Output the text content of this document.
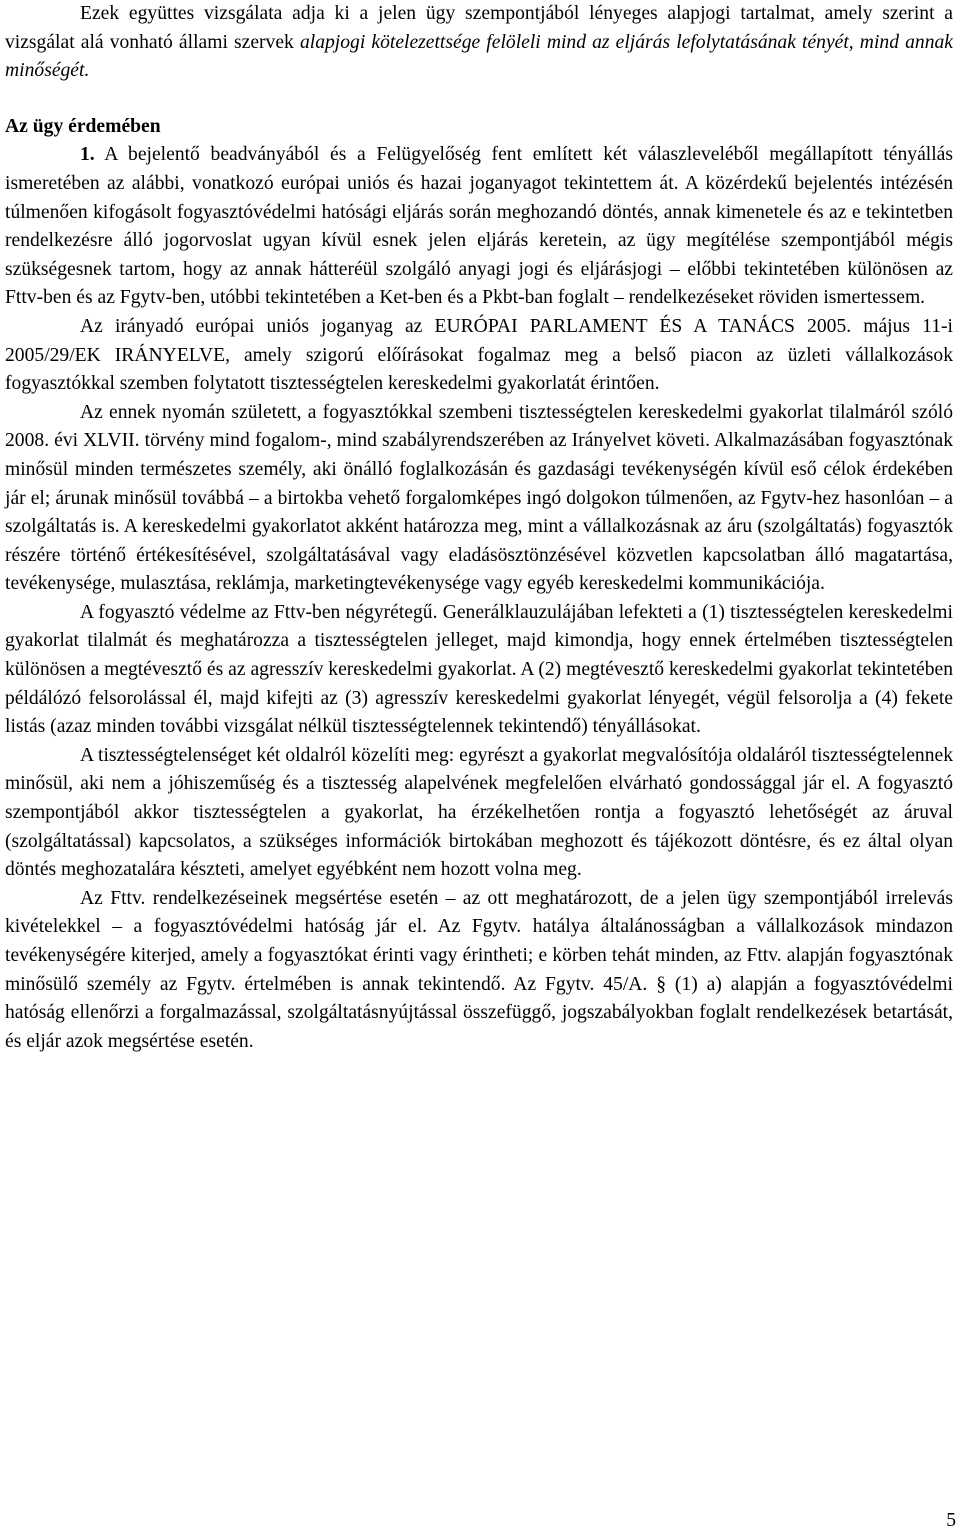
Ezek együttes vizsgálata adja ki a jelen ügy szempontjából lényeges alapjogi tartalmat, amely szerint a vizsgálat alá vonható állami szervek alapjogi kötelezettsége felöleli mind az eljárás lefolytatásának tényét, mind annak minőségét.

Az ügy érdemében

1. A bejelentő beadványából és a Felügyelőség fent említett két válaszleveléből megállapított tényállás ismeretében az alábbi, vonatkozó európai uniós és hazai joganyagot tekintettem át. A közérdekű bejelentés intézésén túlmenően kifogásolt fogyasztóvédelmi hatósági eljárás során meghozandó döntés, annak kimenetele és az e tekintetben rendelkezésre álló jogorvoslat ugyan kívül esnek jelen eljárás keretein, az ügy megítélése szempontjából mégis szükségesnek tartom, hogy az annak hátteréül szolgáló anyagi jogi és eljárásjogi – előbbi tekintetében különösen az Fttv-ben és az Fgytv-ben, utóbbi tekintetében a Ket-ben és a Pkbt-ban foglalt – rendelkezéseket röviden ismertessem.

Az irányadó európai uniós joganyag az EURÓPAI PARLAMENT ÉS A TANÁCS 2005. május 11-i 2005/29/EK IRÁNYELVE, amely szigorú előírásokat fogalmaz meg a belső piacon az üzleti vállalkozások fogyasztókkal szemben folytatott tisztességtelen kereskedelmi gyakorlatát érintően.

Az ennek nyomán született, a fogyasztókkal szembeni tisztességtelen kereskedelmi gyakorlat tilalmáról szóló 2008. évi XLVII. törvény mind fogalom-, mind szabályrendszerében az Irányelvet követi. Alkalmazásában fogyasztónak minősül minden természetes személy, aki önálló foglalkozásán és gazdasági tevékenységén kívül eső célok érdekében jár el; árunak minősül továbbá – a birtokba vehető forgalomképes ingó dolgokon túlmenően, az Fgytv-hez hasonlóan – a szolgáltatás is. A kereskedelmi gyakorlatot akként határozza meg, mint a vállalkozásnak az áru (szolgáltatás) fogyasztók részére történő értékesítésével, szolgáltatásával vagy eladásösztönzésével közvetlen kapcsolatban álló magatartása, tevékenysége, mulasztása, reklámja, marketingtevékenysége vagy egyéb kereskedelmi kommunikációja.

A fogyasztó védelme az Fttv-ben négyrétegű. Generálklauzulájában lefekteti a (1) tisztességtelen kereskedelmi gyakorlat tilalmát és meghatározza a tisztességtelen jelleget, majd kimondja, hogy ennek értelmében tisztességtelen különösen a megtévesztő és az agresszív kereskedelmi gyakorlat. A (2) megtévesztő kereskedelmi gyakorlat tekintetében példálózó felsorolással él, majd kifejti az (3) agresszív kereskedelmi gyakorlat lényegét, végül felsorolja a (4) fekete listás (azaz minden további vizsgálat nélkül tisztességtelennek tekintendő) tényállásokat.

A tisztességtelenséget két oldalról közelíti meg: egyrészt a gyakorlat megvalósítója oldaláról tisztességtelennek minősül, aki nem a jóhiszeműség és a tisztesség alapelvének megfelelően elvárható gondossággal jár el. A fogyasztó szempontjából akkor tisztességtelen a gyakorlat, ha érzékelhetően rontja a fogyasztó lehetőségét az áruval (szolgáltatással) kapcsolatos, a szükséges információk birtokában meghozott és tájékozott döntésre, és ez által olyan döntés meghozatalára készteti, amelyet egyébként nem hozott volna meg.

Az Fttv. rendelkezéseinek megsértése esetén – az ott meghatározott, de a jelen ügy szempontjából irrelevás kivételekkel – a fogyasztóvédelmi hatóság jár el. Az Fgytv. hatálya általánosságban a vállalkozások mindazon tevékenységére kiterjed, amely a fogyasztókat érinti vagy érintheti; e körben tehát minden, az Fttv. alapján fogyasztónak minősülő személy az Fgytv. értelmében is annak tekintendő. Az Fgytv. 45/A. § (1) a) alapján a fogyasztóvédelmi hatóság ellenőrzi a forgalmazással, szolgáltatásnyújtással összefüggő, jogszabályokban foglalt rendelkezések betartását, és eljár azok megsértése esetén.

5
